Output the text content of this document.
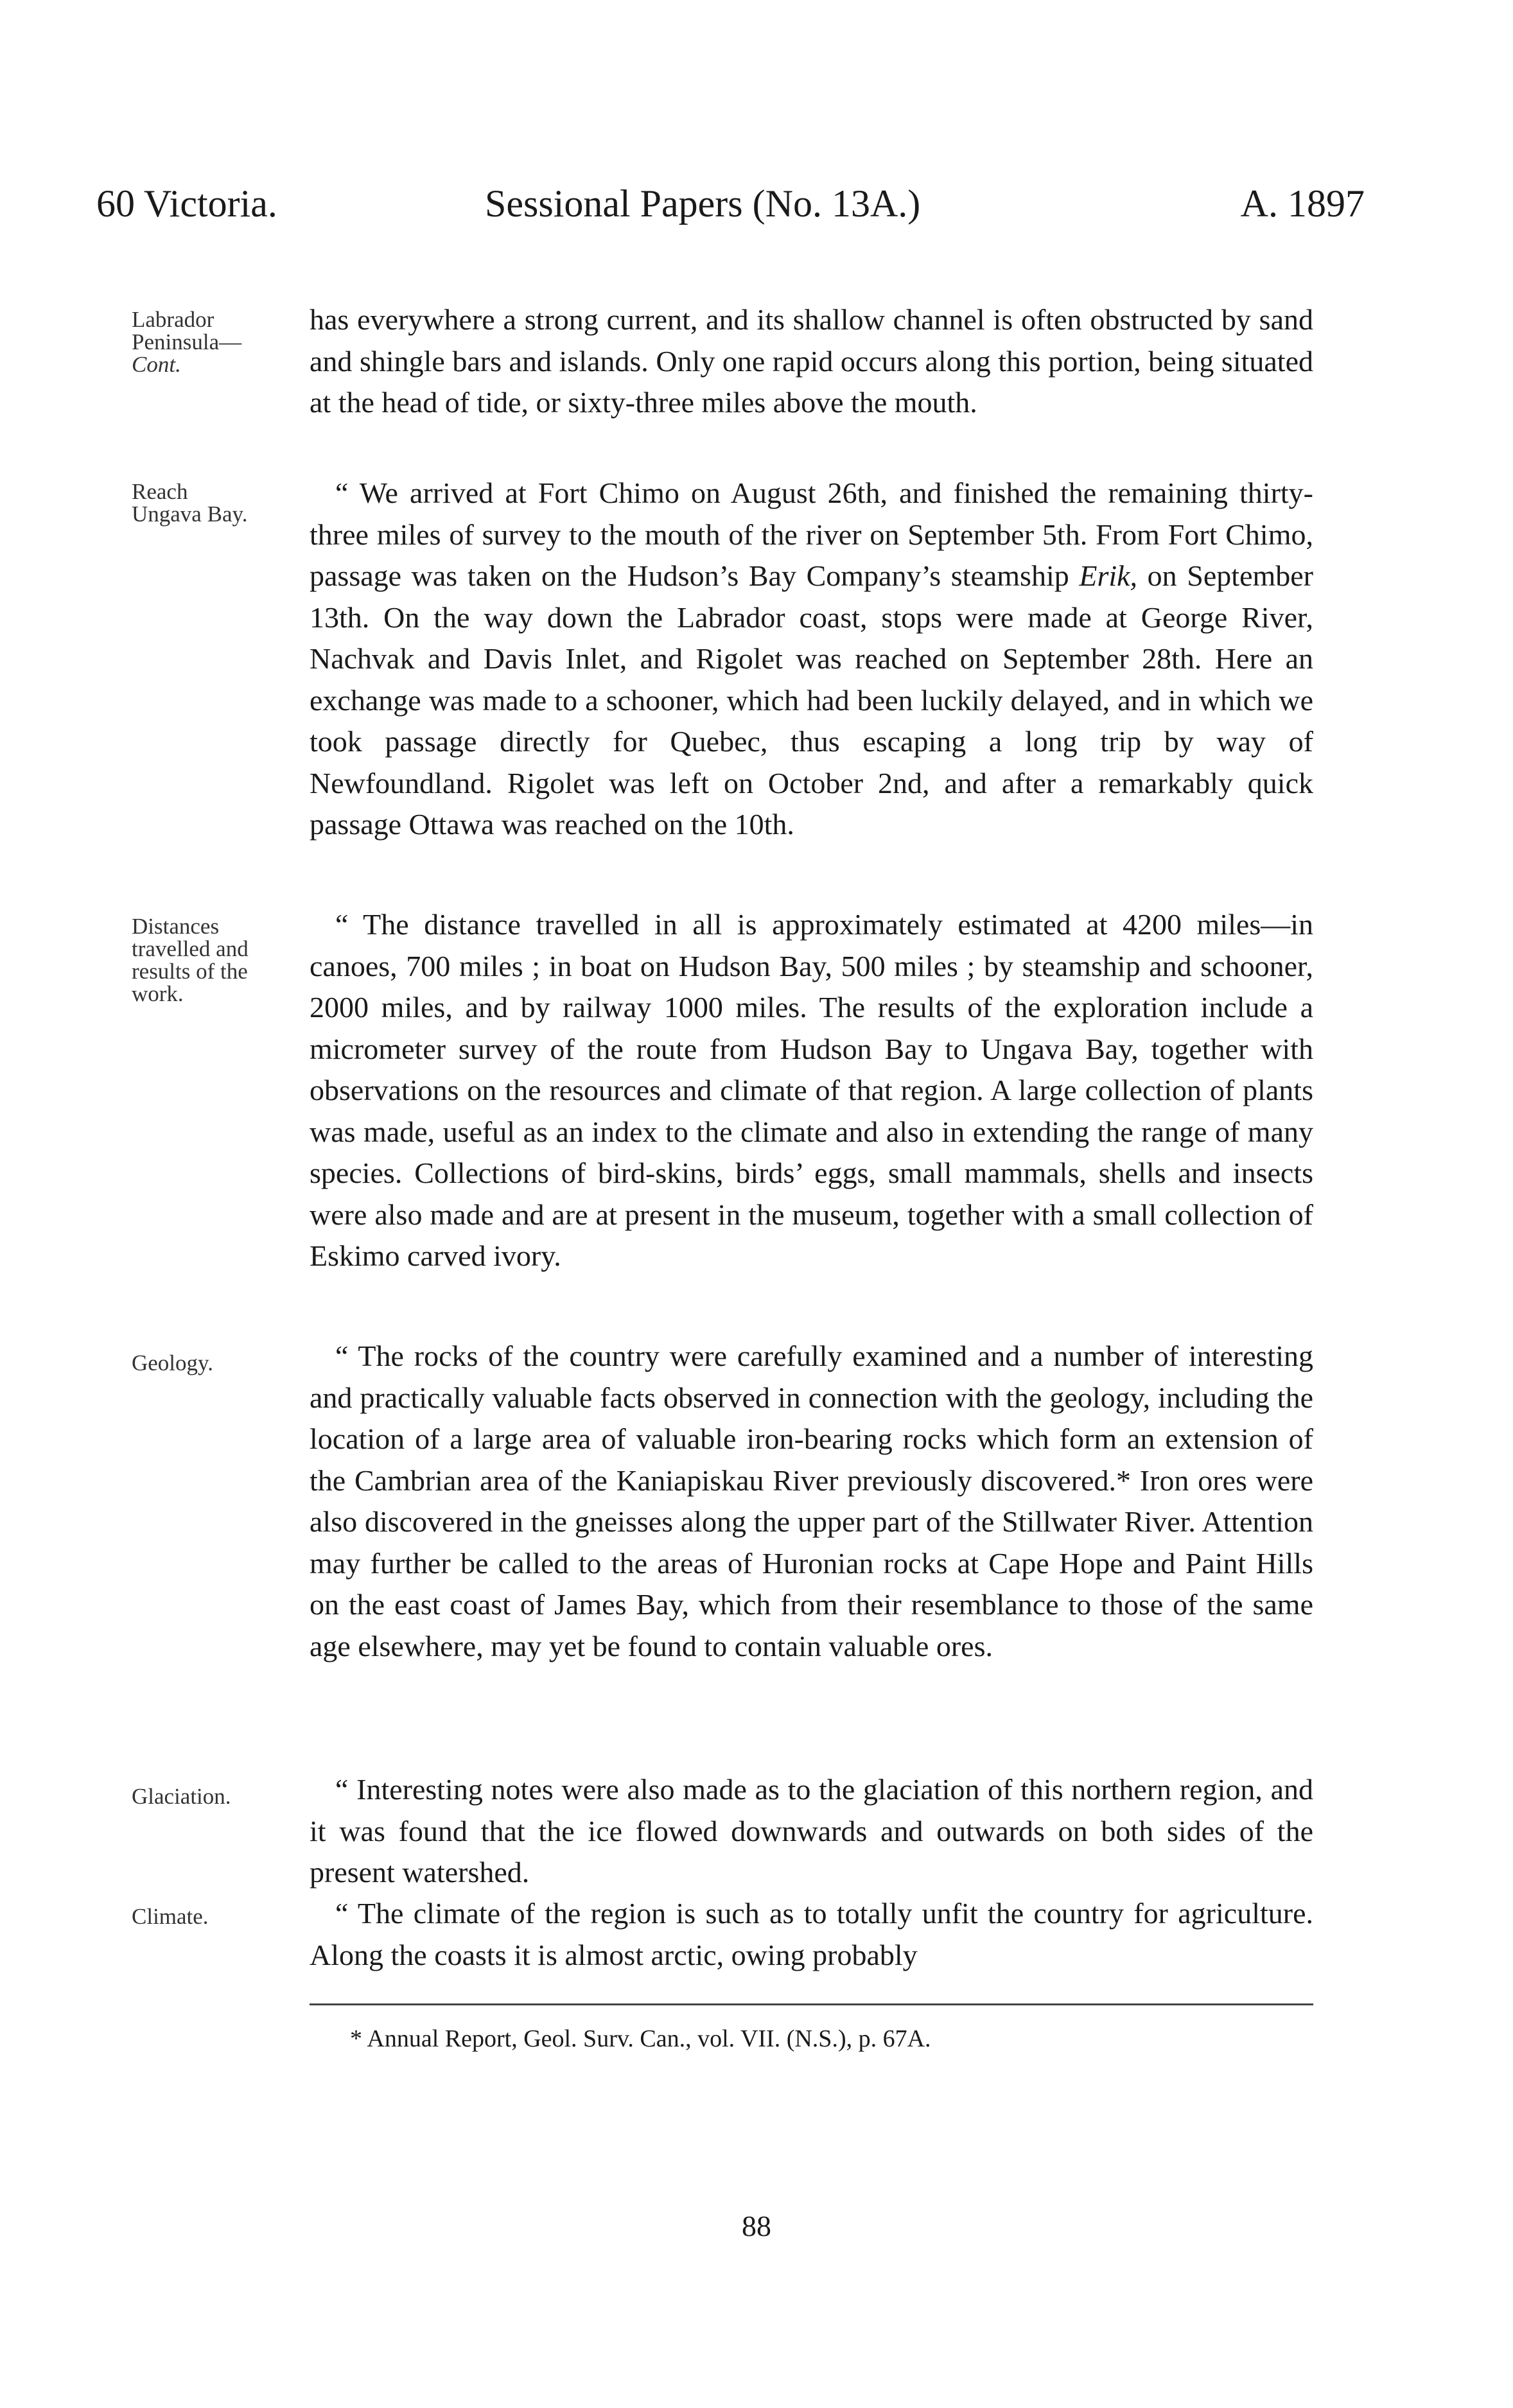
60 Victoria.	Sessional Papers (No. 13A.)	A. 1897
Labrador
Peninsula—
Cont.

has everywhere a strong current, and its shallow channel is often obstructed by sand and shingle bars and islands. Only one rapid occurs along this portion, being situated at the head of tide, or sixty-three miles above the mouth.

Reach
Ungava Bay.

“ We arrived at Fort Chimo on August 26th, and finished the remaining thirty-three miles of survey to the mouth of the river on September 5th. From Fort Chimo, passage was taken on the Hudson’s Bay Company’s steamship Erik, on September 13th. On the way down the Labrador coast, stops were made at George River, Nachvak and Davis Inlet, and Rigolet was reached on September 28th. Here an exchange was made to a schooner, which had been luckily delayed, and in which we took passage directly for Quebec, thus escaping a long trip by way of Newfoundland. Rigolet was left on October 2nd, and after a remarkably quick passage Ottawa was reached on the 10th.

Distances
travelled and
results of the
work.

“ The distance travelled in all is approximately estimated at 4200 miles—in canoes, 700 miles ; in boat on Hudson Bay, 500 miles ; by steamship and schooner, 2000 miles, and by railway 1000 miles. The results of the exploration include a micrometer survey of the route from Hudson Bay to Ungava Bay, together with observations on the resources and climate of that region. A large collection of plants was made, useful as an index to the climate and also in extending the range of many species. Collections of bird-skins, birds’ eggs, small mammals, shells and insects were also made and are at present in the museum, together with a small collection of Eskimo carved ivory.

Geology.	“ The rocks of the country were carefully examined and a number of interesting and practically valuable facts observed in connection with the geology, including the location of a large area of valuable iron-bearing rocks which form an extension of the Cambrian area of the Kaniapiskau River previously discovered.* Iron ores were also discovered in the gneisses along the upper part of the Stillwater River. Attention may further be called to the areas of Huronian rocks at Cape Hope and Paint Hills on the east coast of James Bay, which from their resemblance to those of the same age elsewhere, may yet be found to contain valuable ores.

Glaciation.	“ Interesting notes were also made as to the glaciation of this northern region, and it was found that the ice flowed downwards and outwards on both sides of the present watershed.

Climate.	“ The climate of the region is such as to totally unfit the country for agriculture. Along the coasts it is almost arctic, owing probably

* Annual Report, Geol. Surv. Can., vol. VII. (N.S.), p. 67A.
88
